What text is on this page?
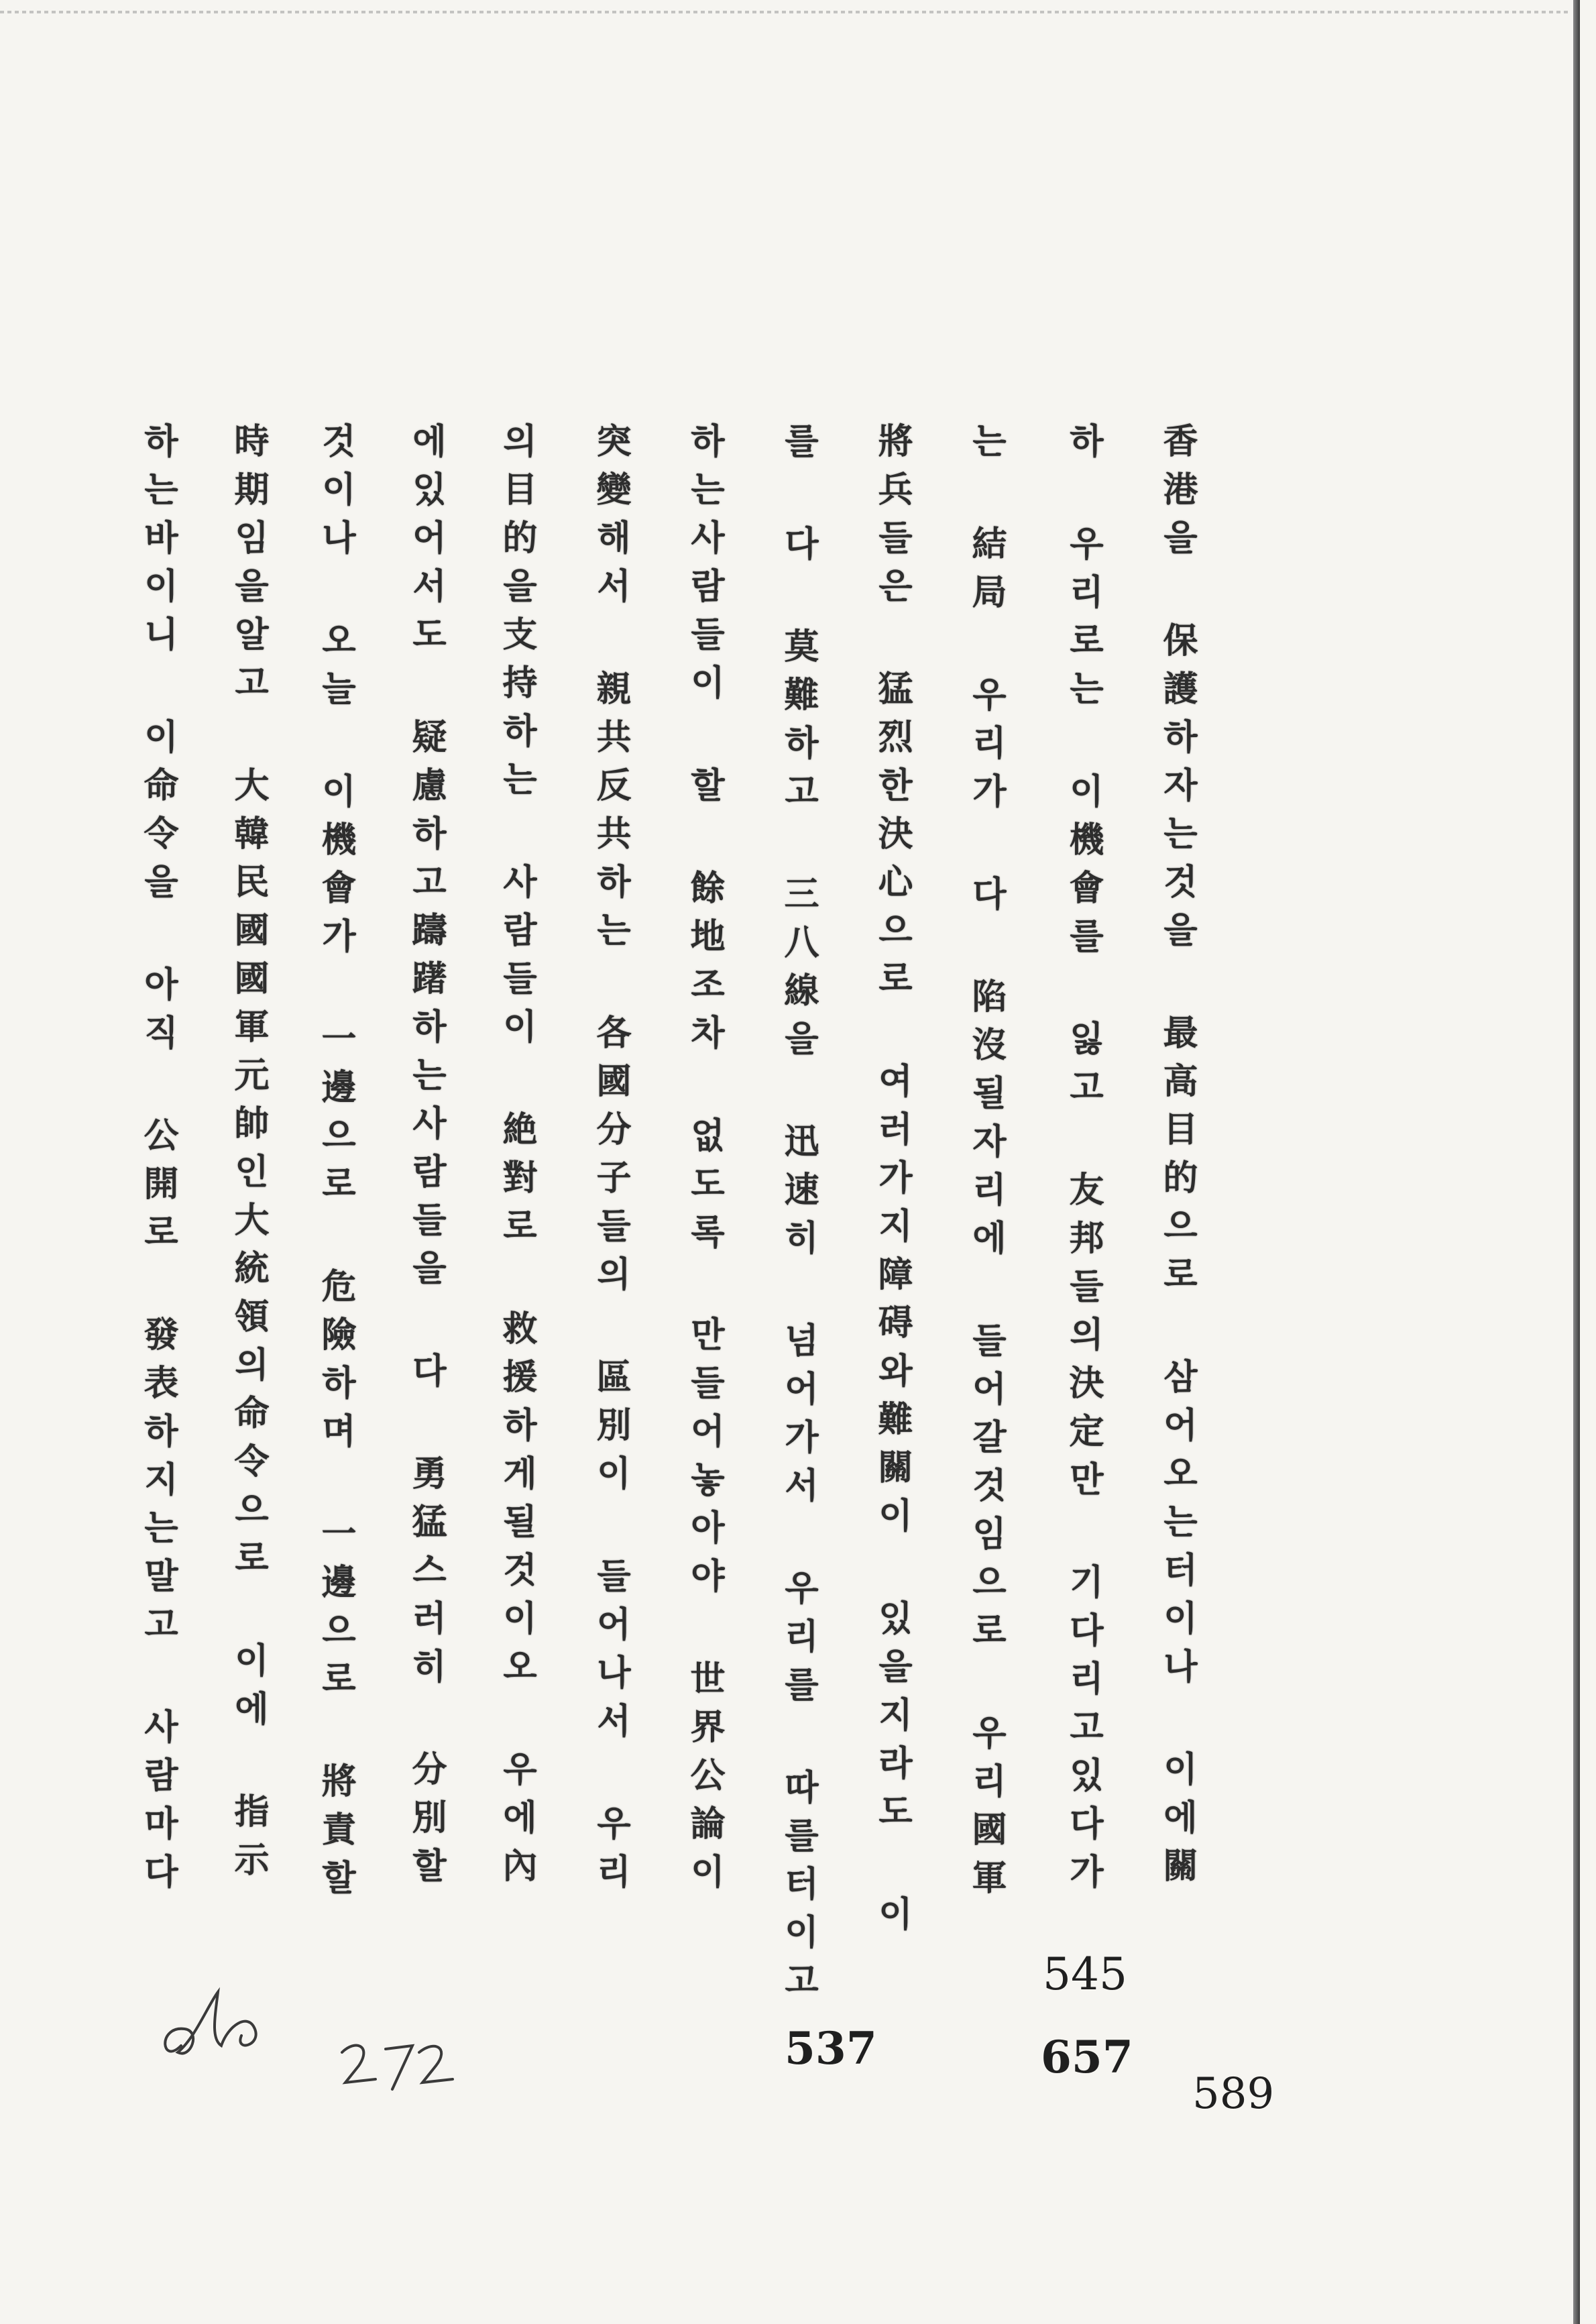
香港을 保護하자는것을 最高目的으로 삼어오는터이나 이에關
하 우리로는 이機會를 잃고 友邦들의決定만 기다리고있다가
는 結局 우리가 다 陷沒될자리에 들어갈것임으로 우리國軍
將兵들은 猛烈한決心으로 여러가지障碍와難關이 있을지라도 이
를 다 莫難하고 三八線을 迅速히 넘어가서 우리를 따를터이고
하는사람들이 할 餘地조차 없도록 만들어놓아야 世界公論이
突變해서 親共反共하는 各國分子들의 區別이 들어나서 우리
의目的을支持하는 사람들이 絶對로 救援하게될것이오 우에內
에있어서도 疑慮하고躊躇하는사람들을 다 勇猛스러히 分別할
것이나 오늘 이機會가 一邊으로 危險하며 一邊으로 將責할
時期임을알고 大韓民國國軍元帥인大統領의命令으로 이에 指示
하는바이니 이命令을 아직 公開로 發表하지는말고 사람마다
545
537	657
589
